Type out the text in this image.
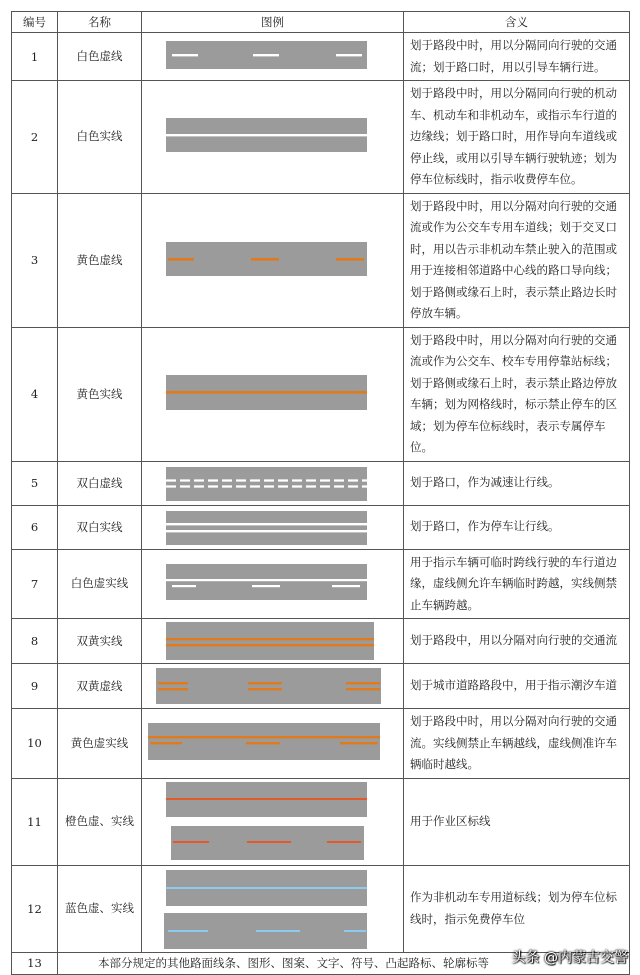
编号	名称	图例	含义
1	白色虚线		划于路段中时，用以分隔同向行驶的交通流；划于路口时，用以引导车辆行进。
2	白色实线		划于路段中时，用以分隔同向行驶的机动车、机动车和非机动车，或指示车行道的边缘线；划于路口时，用作导向车道线或停止线，或用以引导车辆行驶轨迹；划为停车位标线时，指示收费停车位。
3	黄色虚线		划于路段中时，用以分隔对向行驶的交通流或作为公交车专用车道线；划于交叉口时，用以告示非机动车禁止驶入的范围或用于连接相邻道路中心线的路口导向线；划于路侧或缘石上时，表示禁止路边长时停放车辆。
4	黄色实线		划于路段中时，用以分隔对向行驶的交通流或作为公交车、校车专用停靠站标线；划于路侧或缘石上时，表示禁止路边停放车辆；划为网格线时，标示禁止停车的区域；划为停车位标线时，表示专属停车位。
5	双白虚线		划于路口，作为减速让行线。
6	双白实线		划于路口，作为停车让行线。
7	白色虚实线		用于指示车辆可临时跨线行驶的车行道边缘，虚线侧允许车辆临时跨越，实线侧禁止车辆跨越。
8	双黄实线		划于路段中，用以分隔对向行驶的交通流
9	双黄虚线		划于城市道路路段中，用于指示潮汐车道
10	黄色虚实线		划于路段中时，用以分隔对向行驶的交通流。实线侧禁止车辆越线，虚线侧准许车辆临时越线。
11	橙色虚、实线		用于作业区标线
12	蓝色虚、实线		作为非机动车专用道标线；划为停车位标线时，指示免费停车位
13	本部分规定的其他路面线条、图形、图案、文字、符号、凸起路标、轮廓标等		头条 @内蒙古交警
